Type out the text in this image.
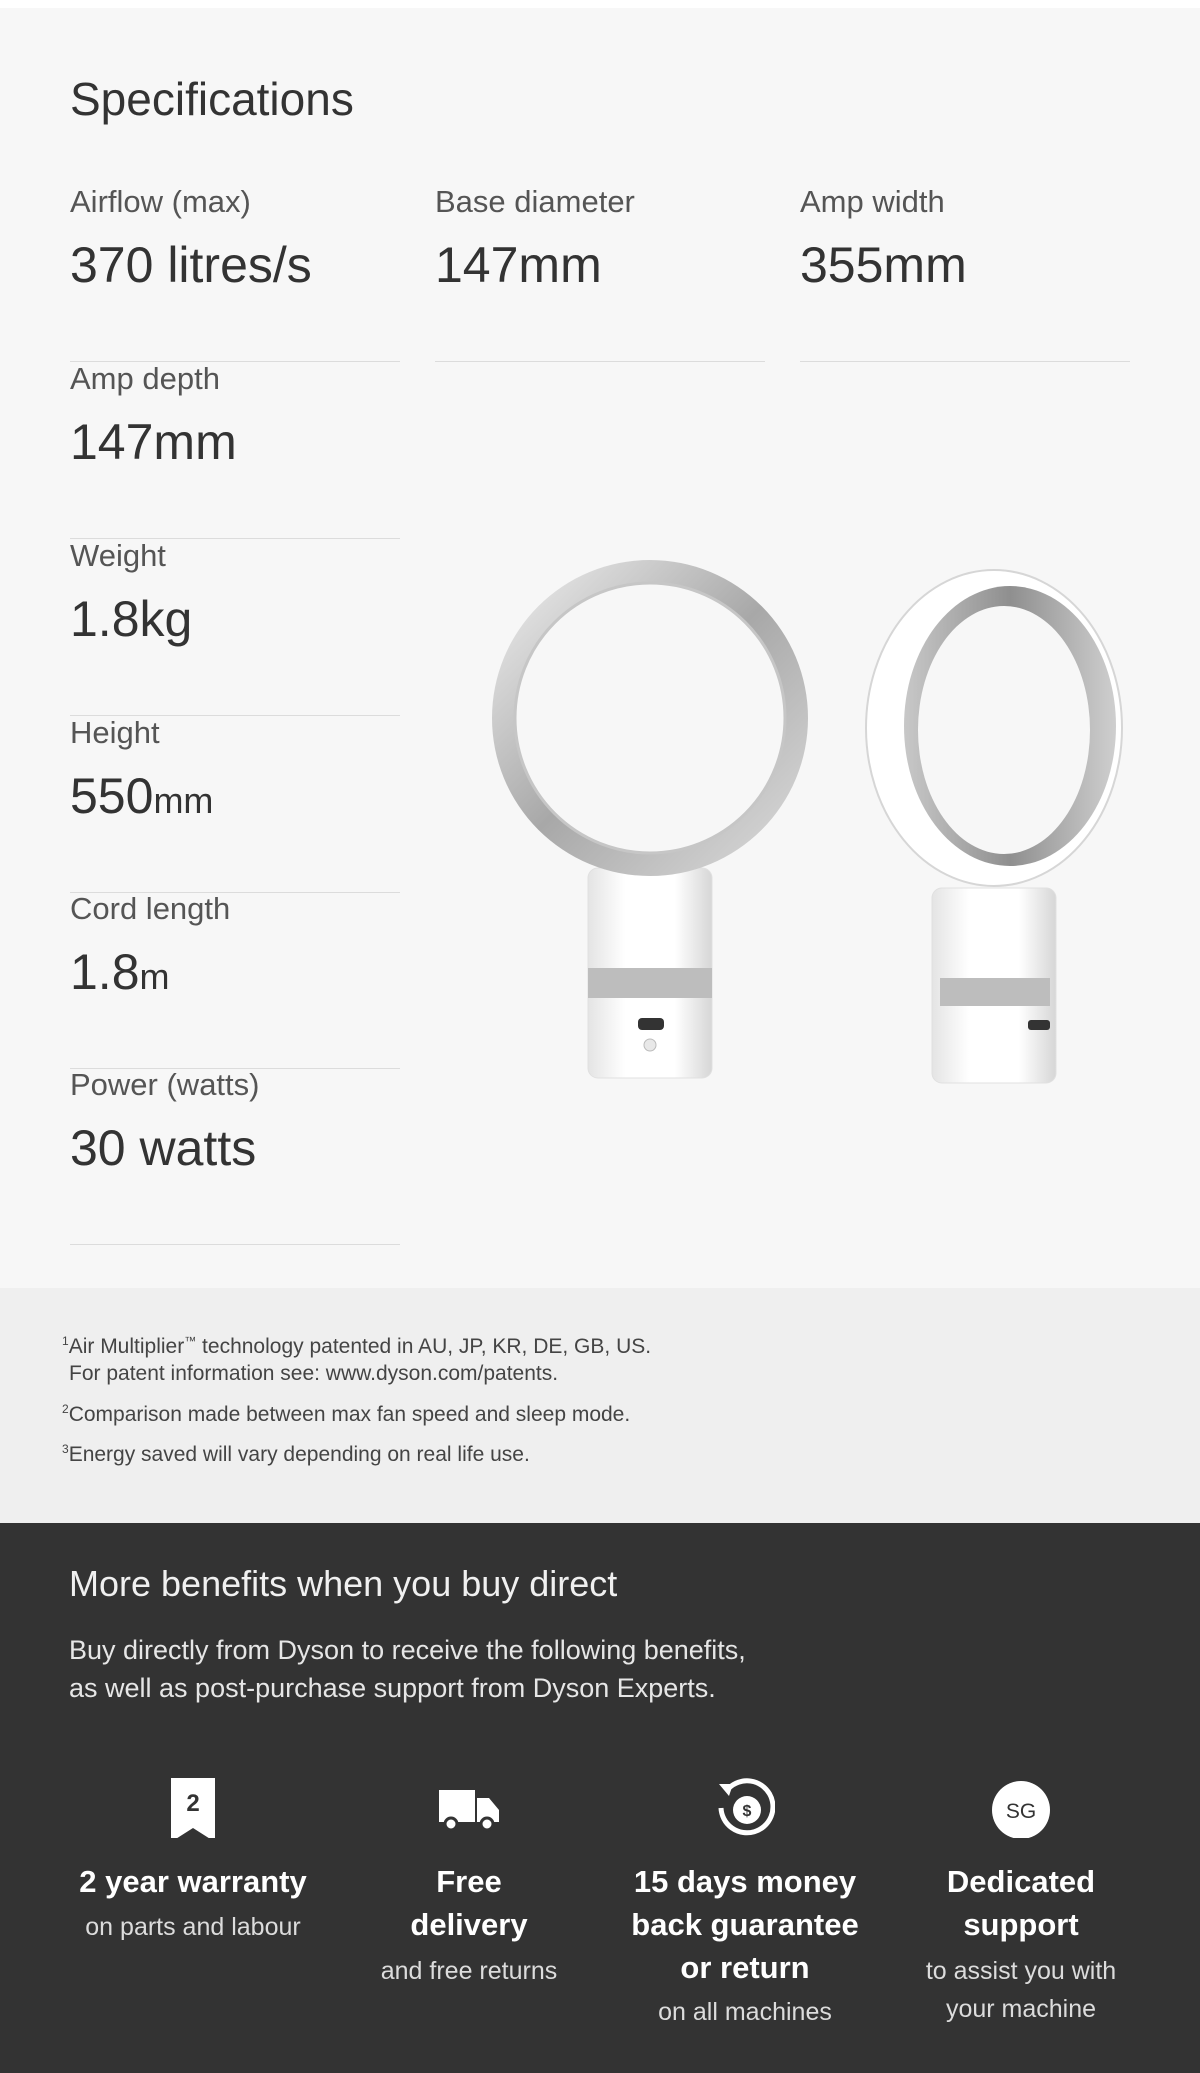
Specifications
Airflow (max)
370 litres/s
Base diameter
147mm
Amp width
355mm
Amp depth
147mm
Weight
1.8kg
Height
550mm
Cord length
1.8m
Power (watts)
30 watts
$^1$Air Multiplier™ technology patented in AU, JP, KR, DE, GB, US.
For patent information see: www.dyson.com/patents.
$^2$Comparison made between max fan speed and sleep mode.
$^3$Energy saved will vary depending on real life use.
More benefits when you buy direct
Buy directly from Dyson to receive the following benefits,
as well as post-purchase support from Dyson Experts.
2
2 year warranty
on parts and labour
Free
delivery
and free returns
$
15 days money
back guarantee
or return
on all machines
SG
Dedicated
support
to assist you with
your machine
